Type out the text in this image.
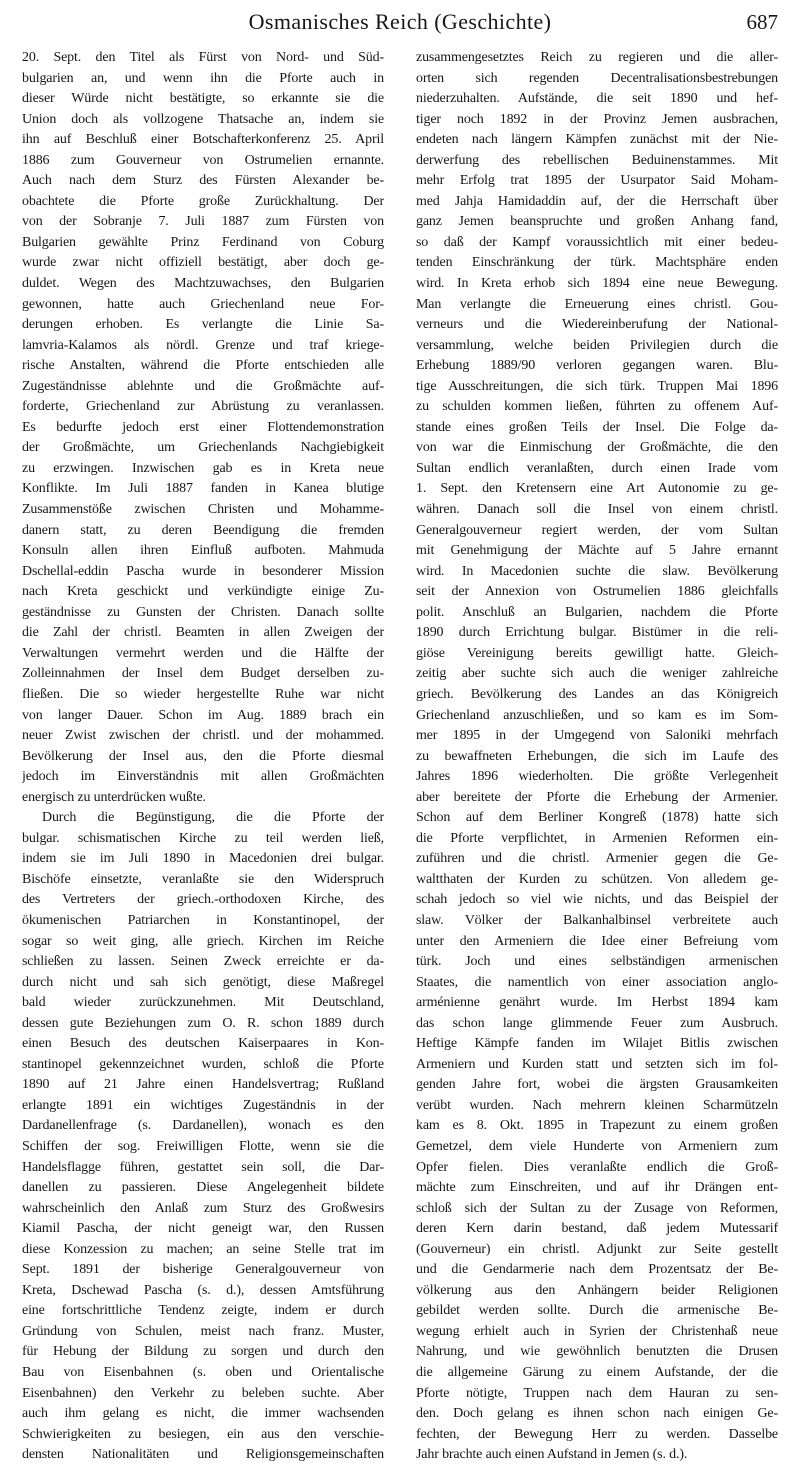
Osmanisches Reich (Geschichte)	687
20. Sept. den Titel als Fürst von Nord- und Süd-
bulgarien an, und wenn ihn die Pforte auch in
dieser Würde nicht bestätigte, so erkannte sie die
Union doch als vollzogene Thatsache an, indem sie
ihn auf Beschluß einer Botschafterkonferenz 25. April
1886 zum Gouverneur von Ostrumelien ernannte.
Auch nach dem Sturz des Fürsten Alexander be-
obachtete die Pforte große Zurückhaltung. Der
von der Sobranje 7. Juli 1887 zum Fürsten von
Bulgarien gewählte Prinz Ferdinand von Coburg
wurde zwar nicht offiziell bestätigt, aber doch ge-
duldet. Wegen des Machtzuwachses, den Bulgarien
gewonnen, hatte auch Griechenland neue For-
derungen erhoben. Es verlangte die Linie Sa-
lamvria-Kalamos als nördl. Grenze und traf kriege-
rische Anstalten, während die Pforte entschieden alle
Zugeständnisse ablehnte und die Großmächte auf-
forderte, Griechenland zur Abrüstung zu veranlassen.
Es bedurfte jedoch erst einer Flottendemonstration
der Großmächte, um Griechenlands Nachgiebigkeit
zu erzwingen. Inzwischen gab es in Kreta neue
Konflikte. Im Juli 1887 fanden in Kanea blutige
Zusammenstöße zwischen Christen und Mohamme-
danern statt, zu deren Beendigung die fremden
Konsuln allen ihren Einfluß aufboten. Mahmuda
Dschellal-eddin Pascha wurde in besonderer Mission
nach Kreta geschickt und verkündigte einige Zu-
geständnisse zu Gunsten der Christen. Danach sollte
die Zahl der christl. Beamten in allen Zweigen der
Verwaltungen vermehrt werden und die Hälfte der
Zolleinnahmen der Insel dem Budget derselben zu-
fließen. Die so wieder hergestellte Ruhe war nicht
von langer Dauer. Schon im Aug. 1889 brach ein
neuer Zwist zwischen der christl. und der mohammed.
Bevölkerung der Insel aus, den die Pforte diesmal
jedoch im Einverständnis mit allen Großmächten
energisch zu unterdrücken wußte.
Durch die Begünstigung, die die Pforte der
bulgar. schismatischen Kirche zu teil werden ließ,
indem sie im Juli 1890 in Macedonien drei bulgar.
Bischöfe einsetzte, veranlaßte sie den Widerspruch
des Vertreters der griech.-orthodoxen Kirche, des
ökumenischen Patriarchen in Konstantinopel, der
sogar so weit ging, alle griech. Kirchen im Reiche
schließen zu lassen. Seinen Zweck erreichte er da-
durch nicht und sah sich genötigt, diese Maßregel
bald wieder zurückzunehmen. Mit Deutschland,
dessen gute Beziehungen zum O. R. schon 1889 durch
einen Besuch des deutschen Kaiserpaares in Kon-
stantinopel gekennzeichnet wurden, schloß die Pforte
1890 auf 21 Jahre einen Handelsvertrag; Rußland
erlangte 1891 ein wichtiges Zugeständnis in der
Dardanellenfrage (s. Dardanellen), wonach es den
Schiffen der sog. Freiwilligen Flotte, wenn sie die
Handelsflagge führen, gestattet sein soll, die Dar-
danellen zu passieren. Diese Angelegenheit bildete
wahrscheinlich den Anlaß zum Sturz des Großwesirs
Kiamil Pascha, der nicht geneigt war, den Russen
diese Konzession zu machen; an seine Stelle trat im
Sept. 1891 der bisherige Generalgouverneur von
Kreta, Dschewad Pascha (s. d.), dessen Amtsführung
eine fortschrittliche Tendenz zeigte, indem er durch
Gründung von Schulen, meist nach franz. Muster,
für Hebung der Bildung zu sorgen und durch den
Bau von Eisenbahnen (s. oben und Orientalische
Eisenbahnen) den Verkehr zu beleben suchte. Aber
auch ihm gelang es nicht, die immer wachsenden
Schwierigkeiten zu besiegen, ein aus den verschie-
densten Nationalitäten und Religionsgemeinschaften
zusammengesetztes Reich zu regieren und die aller-
orten sich regenden Decentralisationsbestrebungen
niederzuhalten. Aufstände, die seit 1890 und hef-
tiger noch 1892 in der Provinz Jemen ausbrachen,
endeten nach längern Kämpfen zunächst mit der Nie-
derwerfung des rebellischen Beduinenstammes. Mit
mehr Erfolg trat 1895 der Usurpator Said Moham-
med Jahja Hamidaddin auf, der die Herrschaft über
ganz Jemen beanspruchte und großen Anhang fand,
so daß der Kampf voraussichtlich mit einer bedeu-
tenden Einschränkung der türk. Machtsphäre enden
wird. In Kreta erhob sich 1894 eine neue Bewegung.
Man verlangte die Erneuerung eines christl. Gou-
verneurs und die Wiedereinberufung der National-
versammlung, welche beiden Privilegien durch die
Erhebung 1889/90 verloren gegangen waren. Blu-
tige Ausschreitungen, die sich türk. Truppen Mai 1896
zu schulden kommen ließen, führten zu offenem Auf-
stande eines großen Teils der Insel. Die Folge da-
von war die Einmischung der Großmächte, die den
Sultan endlich veranlaßten, durch einen Irade vom
1. Sept. den Kretensern eine Art Autonomie zu ge-
währen. Danach soll die Insel von einem christl.
Generalgouverneur regiert werden, der vom Sultan
mit Genehmigung der Mächte auf 5 Jahre ernannt
wird. In Macedonien suchte die slaw. Bevölkerung
seit der Annexion von Ostrumelien 1886 gleichfalls
polit. Anschluß an Bulgarien, nachdem die Pforte
1890 durch Errichtung bulgar. Bistümer in die reli-
giöse Vereinigung bereits gewilligt hatte. Gleich-
zeitig aber suchte sich auch die weniger zahlreiche
griech. Bevölkerung des Landes an das Königreich
Griechenland anzuschließen, und so kam es im Som-
mer 1895 in der Umgegend von Saloniki mehrfach
zu bewaffneten Erhebungen, die sich im Laufe des
Jahres 1896 wiederholten. Die größte Verlegenheit
aber bereitete der Pforte die Erhebung der Armenier.
Schon auf dem Berliner Kongreß (1878) hatte sich
die Pforte verpflichtet, in Armenien Reformen ein-
zuführen und die christl. Armenier gegen die Ge-
waltthaten der Kurden zu schützen. Von alledem ge-
schah jedoch so viel wie nichts, und das Beispiel der
slaw. Völker der Balkanhalbinsel verbreitete auch
unter den Armeniern die Idee einer Befreiung vom
türk. Joch und eines selbständigen armenischen
Staates, die namentlich von einer association anglo-
arménienne genährt wurde. Im Herbst 1894 kam
das schon lange glimmende Feuer zum Ausbruch.
Heftige Kämpfe fanden im Wilajet Bitlis zwischen
Armeniern und Kurden statt und setzten sich im fol-
genden Jahre fort, wobei die ärgsten Grausamkeiten
verübt wurden. Nach mehrern kleinen Scharmützeln
kam es 8. Okt. 1895 in Trapezunt zu einem großen
Gemetzel, dem viele Hunderte von Armeniern zum
Opfer fielen. Dies veranlaßte endlich die Groß-
mächte zum Einschreiten, und auf ihr Drängen ent-
schloß sich der Sultan zu der Zusage von Reformen,
deren Kern darin bestand, daß jedem Mutessarif
(Gouverneur) ein christl. Adjunkt zur Seite gestellt
und die Gendarmerie nach dem Prozentsatz der Be-
völkerung aus den Anhängern beider Religionen
gebildet werden sollte. Durch die armenische Be-
wegung erhielt auch in Syrien der Christenhaß neue
Nahrung, und wie gewöhnlich benutzten die Drusen
die allgemeine Gärung zu einem Aufstande, der die
Pforte nötigte, Truppen nach dem Hauran zu sen-
den. Doch gelang es ihnen schon nach einigen Ge-
fechten, der Bewegung Herr zu werden. Dasselbe
Jahr brachte auch einen Aufstand in Jemen (s. d.).
